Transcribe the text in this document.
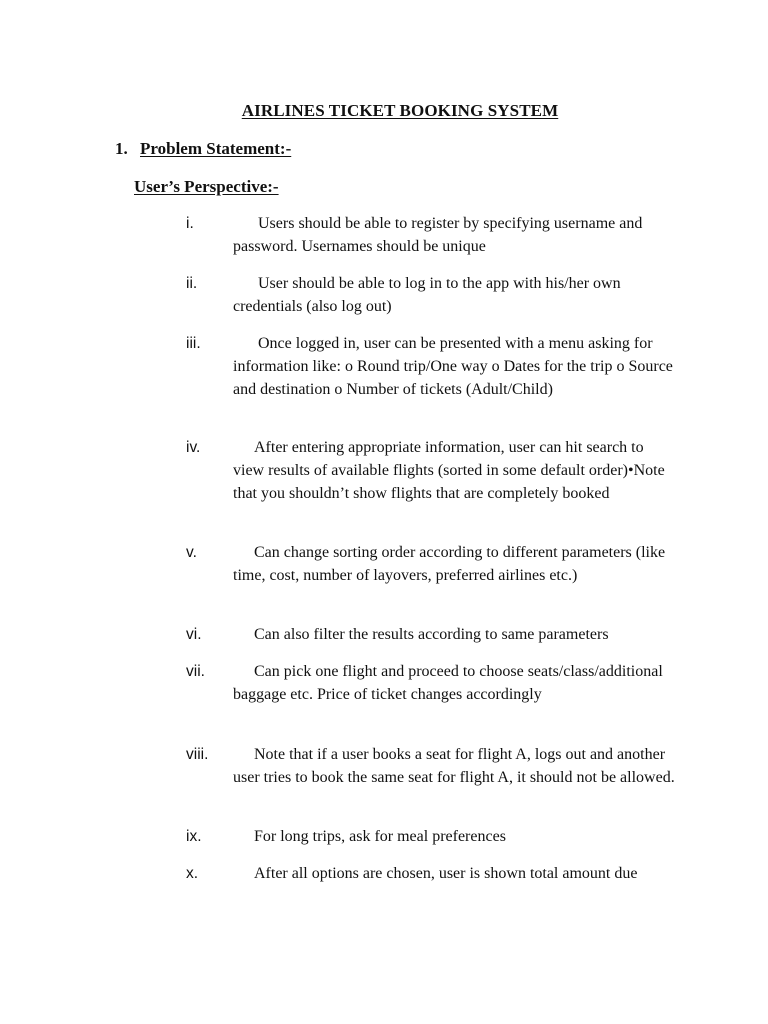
AIRLINES TICKET BOOKING SYSTEM
1. Problem Statement:-
User’s Perspective:-
i.	Users should be able to register by specifying username and password. Usernames should be unique

ii.	User should be able to log in to the app with his/her own credentials (also log out)

iii.	Once logged in, user can be presented with a menu asking for information like: o Round trip/One way o Dates for the trip o Source and destination o Number of tickets (Adult/Child)

iv.	After entering appropriate information, user can hit search to view results of available flights (sorted in some default order)•Note that you shouldn’t show flights that are completely booked

v.	Can change sorting order according to different parameters (like time, cost, number of layovers, preferred airlines etc.)

vi.	Can also filter the results according to same parameters

vii.	Can pick one flight and proceed to choose seats/class/additional baggage etc. Price of ticket changes accordingly

viii.	Note that if a user books a seat for flight A, logs out and another user tries to book the same seat for flight A, it should not be allowed.

ix.	For long trips, ask for meal preferences

x.	After all options are chosen, user is shown total amount due
